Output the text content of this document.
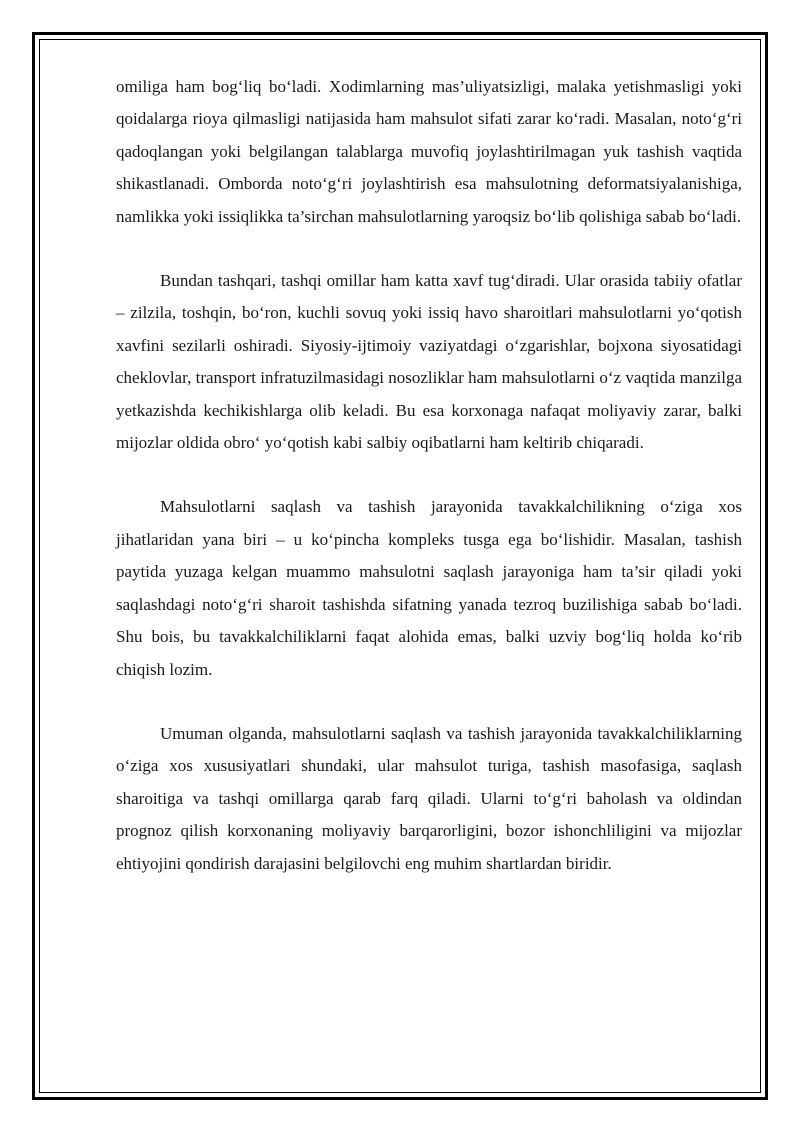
omiliga ham bog‘liq bo‘ladi. Xodimlarning mas’uliyatsizligi, malaka yetishmasligi yoki qoidalarga rioya qilmasligi natijasida ham mahsulot sifati zarar ko‘radi. Masalan, noto‘g‘ri qadoqlangan yoki belgilangan talablarga muvofiq joylashtirilmagan yuk tashish vaqtida shikastlanadi. Omborda noto‘g‘ri joylashtirish esa mahsulotning deformatsiyalanishiga, namlikka yoki issiqlikka ta’sirchan mahsulotlarning yaroqsiz bo‘lib qolishiga sabab bo‘ladi.

Bundan tashqari, tashqi omillar ham katta xavf tug‘diradi. Ular orasida tabiiy ofatlar – zilzila, toshqin, bo‘ron, kuchli sovuq yoki issiq havo sharoitlari mahsulotlarni yo‘qotish xavfini sezilarli oshiradi. Siyosiy-ijtimoiy vaziyatdagi o‘zgarishlar, bojxona siyosatidagi cheklovlar, transport infratuzilmasidagi nosozliklar ham mahsulotlarni o‘z vaqtida manzilga yetkazishda kechikishlarga olib keladi. Bu esa korxonaga nafaqat moliyaviy zarar, balki mijozlar oldida obro‘ yo‘qotish kabi salbiy oqibatlarni ham keltirib chiqaradi.

Mahsulotlarni saqlash va tashish jarayonida tavakkalchilikning o‘ziga xos jihatlaridan yana biri – u ko‘pincha kompleks tusga ega bo‘lishidir. Masalan, tashish paytida yuzaga kelgan muammo mahsulotni saqlash jarayoniga ham ta’sir qiladi yoki saqlashdagi noto‘g‘ri sharoit tashishda sifatning yanada tezroq buzilishiga sabab bo‘ladi. Shu bois, bu tavakkalchiliklarni faqat alohida emas, balki uzviy bog‘liq holda ko‘rib chiqish lozim.

Umuman olganda, mahsulotlarni saqlash va tashish jarayonida tavakkalchiliklarning o‘ziga xos xususiyatlari shundaki, ular mahsulot turiga, tashish masofasiga, saqlash sharoitiga va tashqi omillarga qarab farq qiladi. Ularni to‘g‘ri baholash va oldindan prognoz qilish korxonaning moliyaviy barqarorligini, bozor ishonchliligini va mijozlar ehtiyojini qondirish darajasini belgilovchi eng muhim shartlardan biridir.
